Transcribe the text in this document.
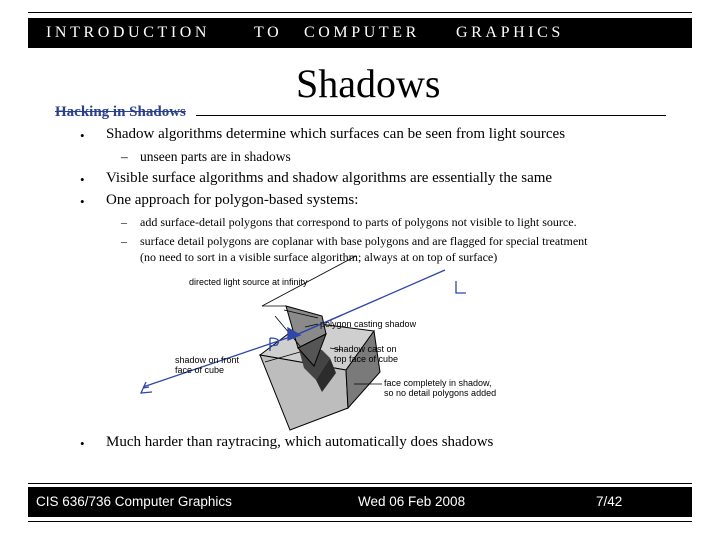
INTRODUCTION	TO COMPUTER GRAPHICS
Shadows
Hacking in Shadows
• Shadow algorithms determine which surfaces can be seen from light sources
– unseen parts are in shadows
• Visible surface algorithms and shadow algorithms are essentially the same
• One approach for polygon-based systems:
– add surface-detail polygons that correspond to parts of polygons not visible to light source.
– surface detail polygons are coplanar with base polygons and are flagged for special treatment
(no need to sort in a visible surface algorithm; always at on top of surface)
directed light source at infinity
polygon casting shadow
shadow on front
face of cube
shadow cast on
top face of cube
face completely in shadow,
so no detail polygons added
• Much harder than raytracing, which automatically does shadows
CIS 636/736 Computer Graphics	Wed 06 Feb 2008	7/42
